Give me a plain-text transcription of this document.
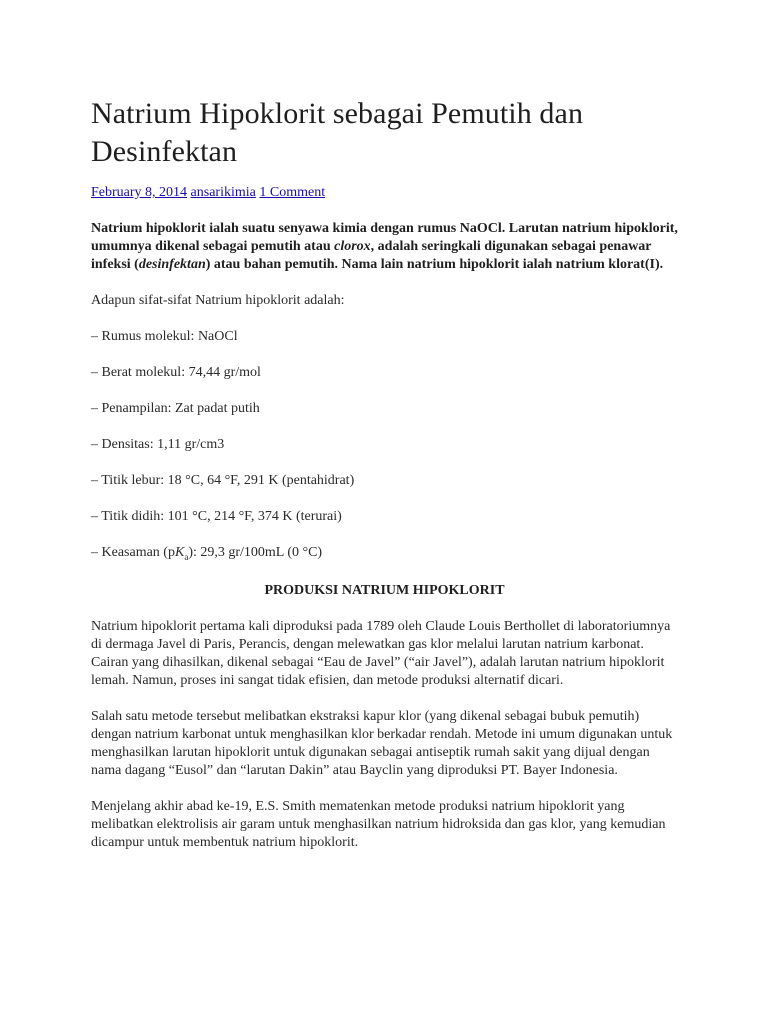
Natrium Hipoklorit sebagai Pemutih dan Desinfektan
February 8, 2014 ansarikimia 1 Comment

Natrium hipoklorit ialah suatu senyawa kimia dengan rumus NaOCl. Larutan natrium hipoklorit, umumnya dikenal sebagai pemutih atau clorox, adalah seringkali digunakan sebagai penawar infeksi (desinfektan) atau bahan pemutih. Nama lain natrium hipoklorit ialah natrium klorat(I).

Adapun sifat-sifat Natrium hipoklorit adalah:

– Rumus molekul: NaOCl

– Berat molekul: 74,44 gr/mol

– Penampilan: Zat padat putih

– Densitas: 1,11 gr/cm3

– Titik lebur: 18 °C, 64 °F, 291 K (pentahidrat)

– Titik didih: 101 °C, 214 °F, 374 K (terurai)

– Keasaman $(pK_a)$: 29,3 gr/100mL (0 °C)

PRODUKSI NATRIUM HIPOKLORIT

Natrium hipoklorit pertama kali diproduksi pada 1789 oleh Claude Louis Berthollet di laboratoriumnya di dermaga Javel di Paris, Perancis, dengan melewatkan gas klor melalui larutan natrium karbonat. Cairan yang dihasilkan, dikenal sebagai “Eau de Javel” (“air Javel”), adalah larutan natrium hipoklorit lemah. Namun, proses ini sangat tidak efisien, dan metode produksi alternatif dicari.

Salah satu metode tersebut melibatkan ekstraksi kapur klor (yang dikenal sebagai bubuk pemutih) dengan natrium karbonat untuk menghasilkan klor berkadar rendah. Metode ini umum digunakan untuk menghasilkan larutan hipoklorit untuk digunakan sebagai antiseptik rumah sakit yang dijual dengan nama dagang “Eusol” dan “larutan Dakin” atau Bayclin yang diproduksi PT. Bayer Indonesia.

Menjelang akhir abad ke-19, E.S. Smith mematenkan metode produksi natrium hipoklorit yang melibatkan elektrolisis air garam untuk menghasilkan natrium hidroksida dan gas klor, yang kemudian dicampur untuk membentuk natrium hipoklorit.
